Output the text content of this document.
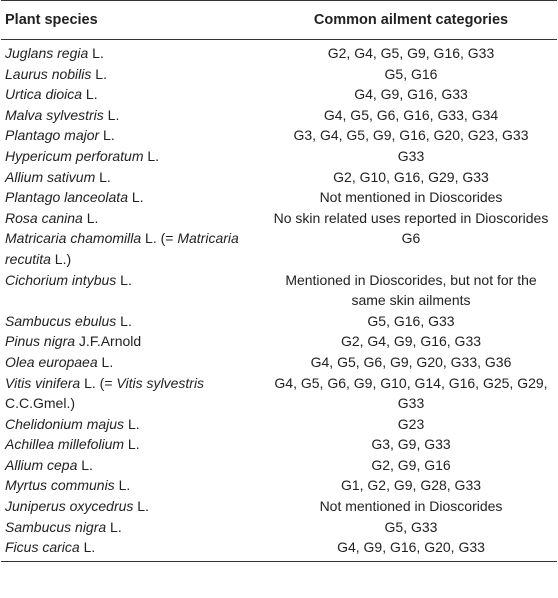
Plant species	Common ailment categories
Juglans regia L.	G2, G4, G5, G9, G16, G33
Laurus nobilis L.	G5, G16
Urtica dioica L.	G4, G9, G16, G33
Malva sylvestris L.	G4, G5, G6, G16, G33, G34
Plantago major L.	G3, G4, G5, G9, G16, G20, G23, G33
Hypericum perforatum L.	G33
Allium sativum L.	G2, G10, G16, G29, G33
Plantago lanceolata L.	Not mentioned in Dioscorides
Rosa canina L.	No skin related uses reported in Dioscorides
Matricaria chamomilla L. (= Matricaria recutita L.)	G6
Cichorium intybus L.	Mentioned in Dioscorides, but not for the same skin ailments
Sambucus ebulus L.	G5, G16, G33
Pinus nigra J.F.Arnold	G2, G4, G9, G16, G33
Olea europaea L.	G4, G5, G6, G9, G20, G33, G36
Vitis vinifera L. (= Vitis sylvestris C.C.Gmel.)	G4, G5, G6, G9, G10, G14, G16, G25, G29, G33
Chelidonium majus L.	G23
Achillea millefolium L.	G3, G9, G33
Allium cepa L.	G2, G9, G16
Myrtus communis L.	G1, G2, G9, G28, G33
Juniperus oxycedrus L.	Not mentioned in Dioscorides
Sambucus nigra L.	G5, G33
Ficus carica L.	G4, G9, G16, G20, G33
